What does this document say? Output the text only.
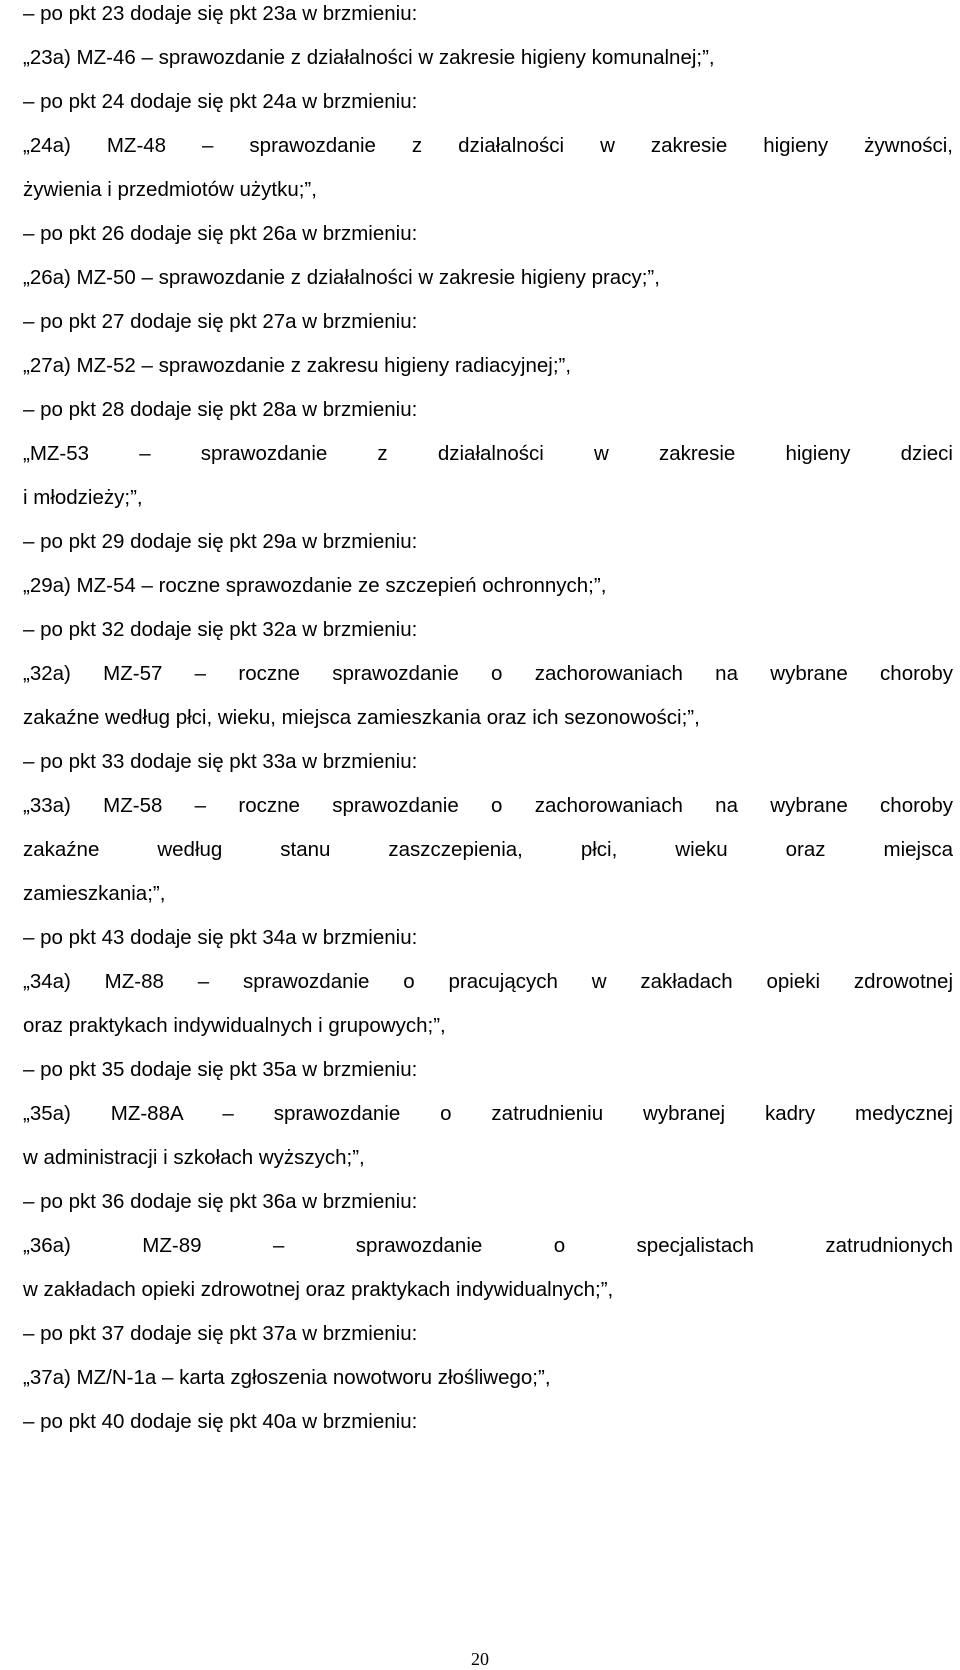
– po pkt 23 dodaje się pkt 23a w brzmieniu:
„23a) MZ-46 – sprawozdanie z działalności w zakresie higieny komunalnej;”,
– po pkt 24 dodaje się pkt 24a w brzmieniu:
„24a) MZ-48 – sprawozdanie z działalności w zakresie higieny żywności,
żywienia i przedmiotów użytku;”,
– po pkt 26 dodaje się pkt 26a w brzmieniu:
„26a) MZ-50 – sprawozdanie z działalności w zakresie higieny pracy;”,
– po pkt 27 dodaje się pkt 27a w brzmieniu:
„27a) MZ-52 – sprawozdanie z zakresu higieny radiacyjnej;”,
– po pkt 28 dodaje się pkt 28a w brzmieniu:
„MZ-53 – sprawozdanie z działalności w zakresie higieny dzieci
i młodzieży;”,
– po pkt 29 dodaje się pkt 29a w brzmieniu:
„29a) MZ-54 – roczne sprawozdanie ze szczepień ochronnych;”,
– po pkt 32 dodaje się pkt 32a w brzmieniu:
„32a) MZ-57 – roczne sprawozdanie o zachorowaniach na wybrane choroby
zakaźne według płci, wieku, miejsca zamieszkania oraz ich sezonowości;”,
– po pkt 33 dodaje się pkt 33a w brzmieniu:
„33a) MZ-58 – roczne sprawozdanie o zachorowaniach na wybrane choroby
zakaźne według stanu zaszczepienia, płci, wieku oraz miejsca
zamieszkania;”,
– po pkt 43 dodaje się pkt 34a w brzmieniu:
„34a) MZ-88 – sprawozdanie o pracujących w zakładach opieki zdrowotnej
oraz praktykach indywidualnych i grupowych;”,
– po pkt 35 dodaje się pkt 35a w brzmieniu:
„35a) MZ-88A – sprawozdanie o zatrudnieniu wybranej kadry medycznej
w administracji i szkołach wyższych;”,
– po pkt 36 dodaje się pkt 36a w brzmieniu:
„36a) MZ-89 – sprawozdanie o specjalistach zatrudnionych
w zakładach opieki zdrowotnej oraz praktykach indywidualnych;”,
– po pkt 37 dodaje się pkt 37a w brzmieniu:
„37a) MZ/N-1a – karta zgłoszenia nowotworu złośliwego;”,
– po pkt 40 dodaje się pkt 40a w brzmieniu:
20
